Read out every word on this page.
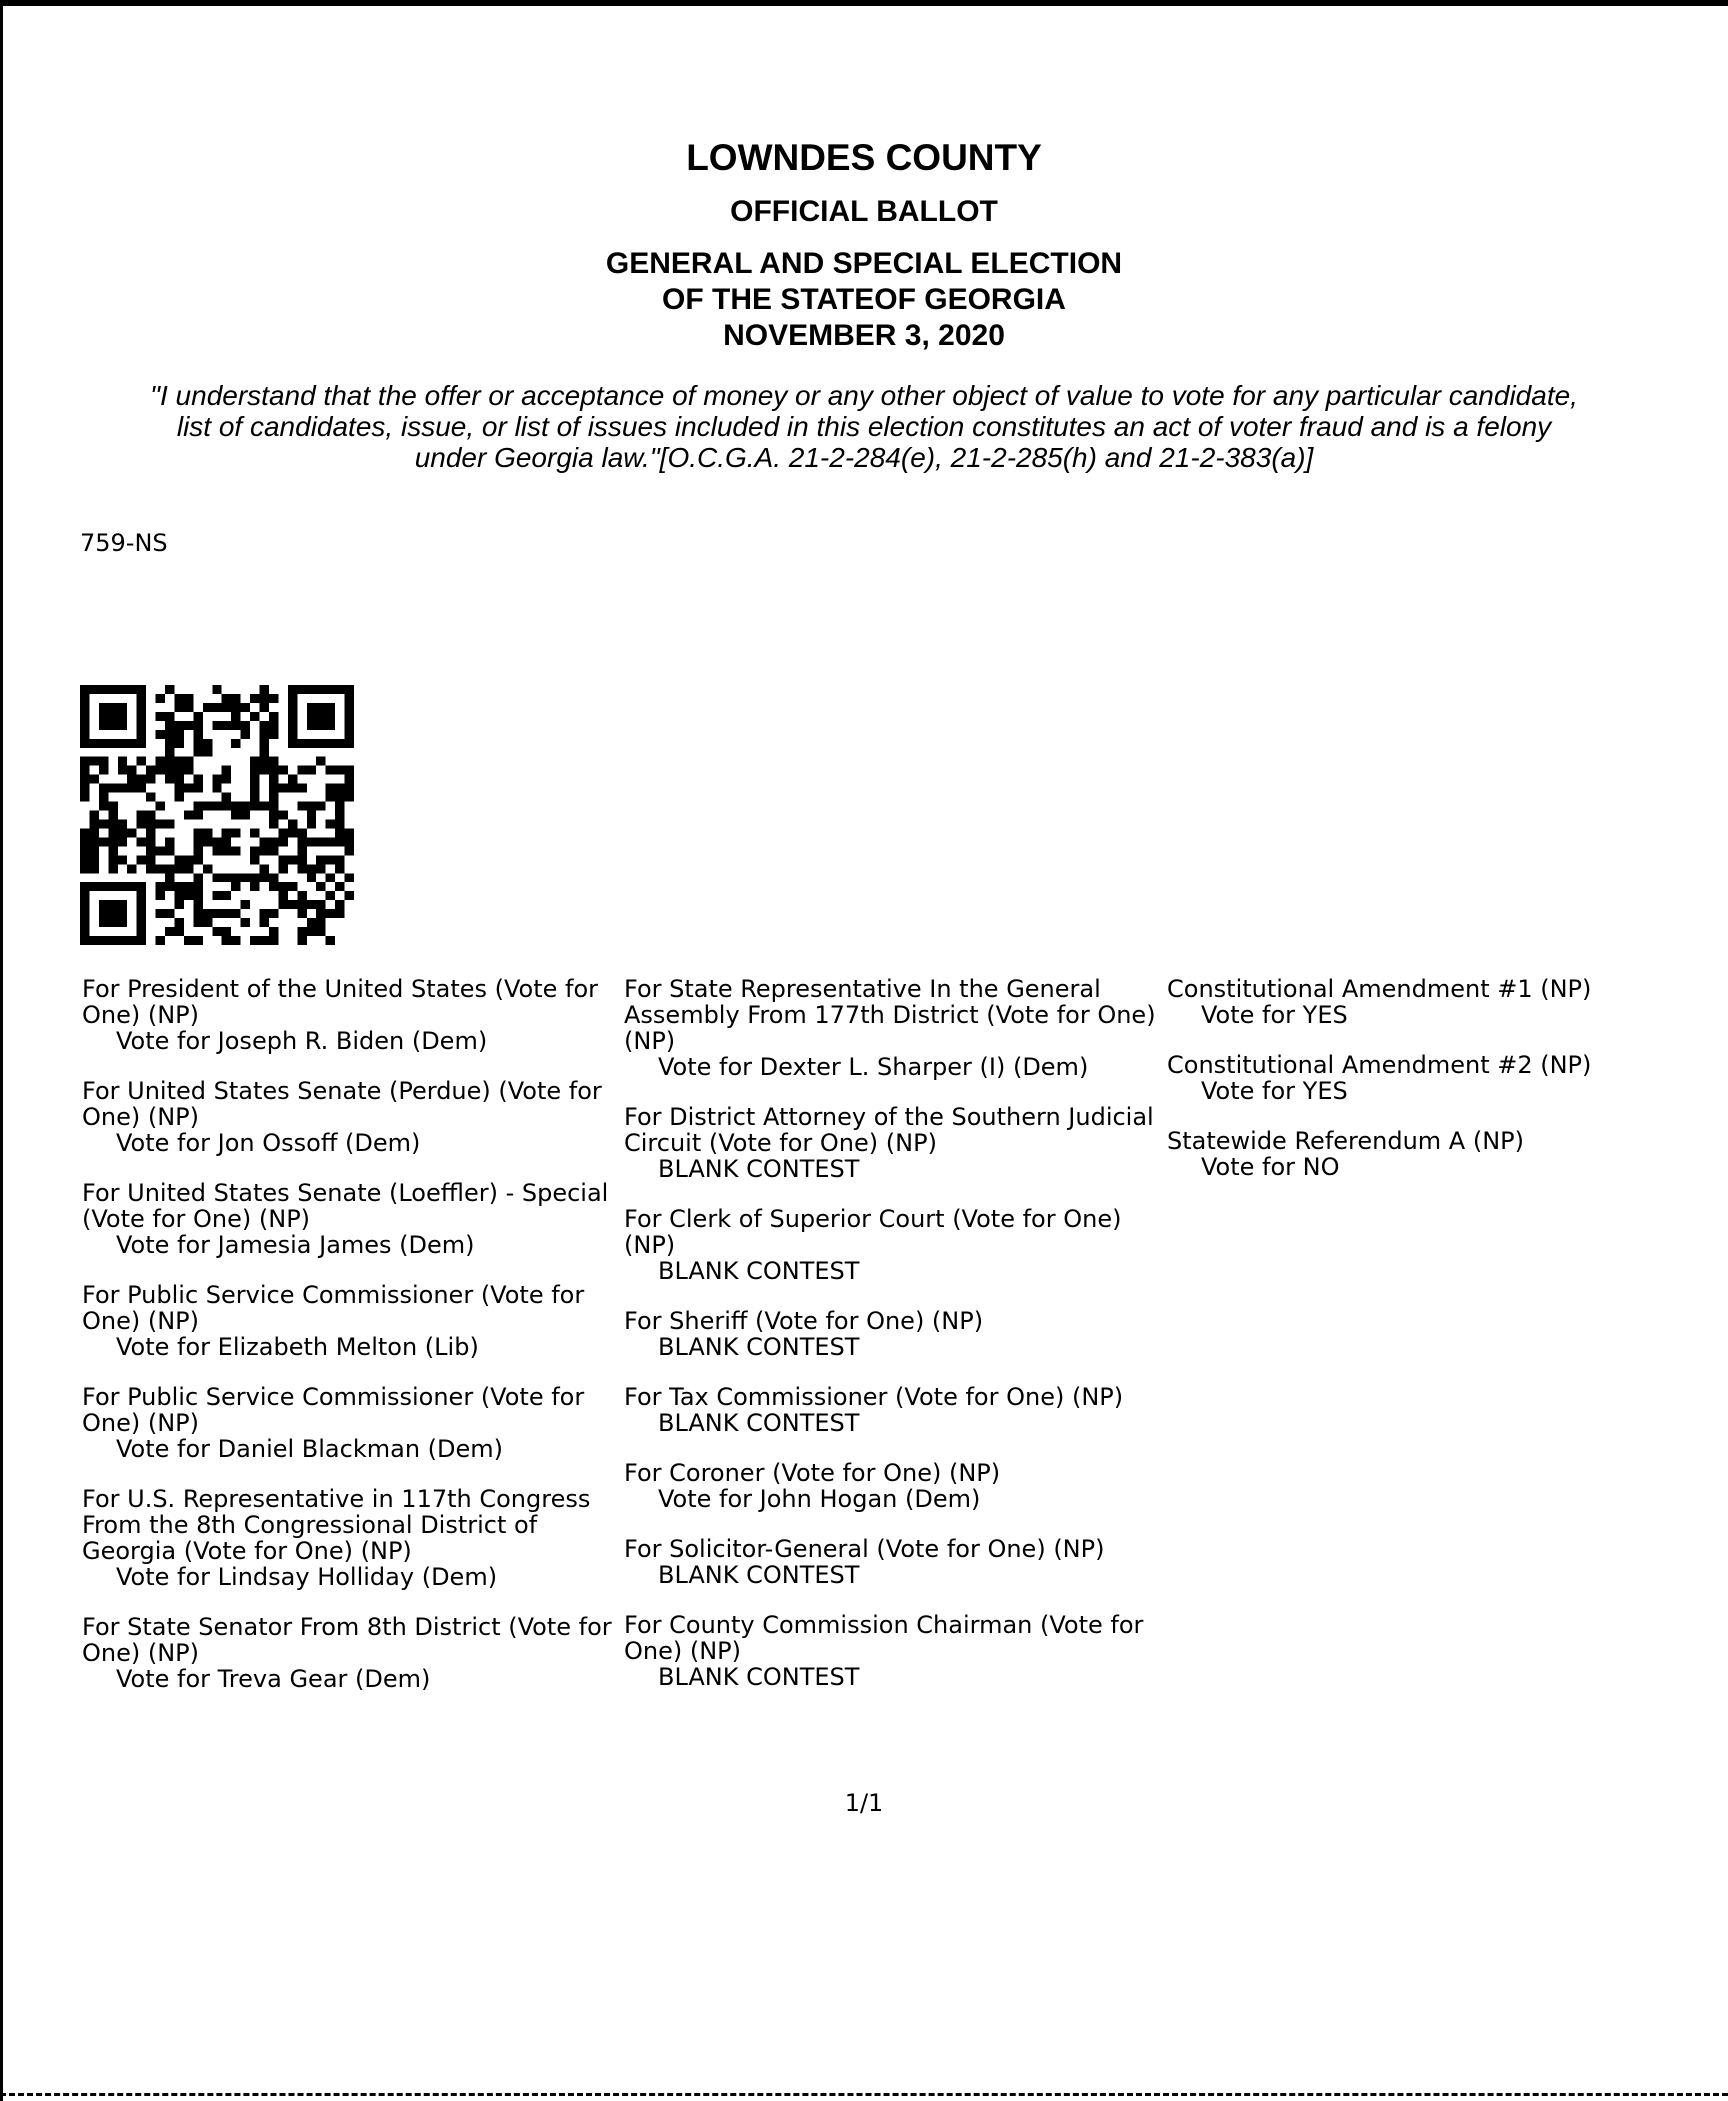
LOWNDES COUNTY
OFFICIAL BALLOT
GENERAL AND SPECIAL ELECTION
OF THE STATEOF GEORGIA
NOVEMBER 3, 2020
"I understand that the offer or acceptance of money or any other object of value to vote for any particular candidate,
list of candidates, issue, or list of issues included in this election constitutes an act of voter fraud and is a felony
under Georgia law."[O.C.G.A. 21-2-284(e), 21-2-285(h) and 21-2-383(a)]
759-NS
For President of the United States (Vote for One) (NP)
Vote for Joseph R. Biden (Dem)
For United States Senate (Perdue) (Vote for One) (NP)
Vote for Jon Ossoff (Dem)
For United States Senate (Loeffler) - Special (Vote for One) (NP)
Vote for Jamesia James (Dem)
For Public Service Commissioner (Vote for One) (NP)
Vote for Elizabeth Melton (Lib)
For Public Service Commissioner (Vote for One) (NP)
Vote for Daniel Blackman (Dem)
For U.S. Representative in 117th Congress From the 8th Congressional District of Georgia (Vote for One) (NP)
Vote for Lindsay Holliday (Dem)
For State Senator From 8th District (Vote for One) (NP)
Vote for Treva Gear (Dem)
For State Representative In the General Assembly From 177th District (Vote for One) (NP)
Vote for Dexter L. Sharper (I) (Dem)
For District Attorney of the Southern Judicial Circuit (Vote for One) (NP)
BLANK CONTEST
For Clerk of Superior Court (Vote for One) (NP)
BLANK CONTEST
For Sheriff (Vote for One) (NP)
BLANK CONTEST
For Tax Commissioner (Vote for One) (NP)
BLANK CONTEST
For Coroner (Vote for One) (NP)
Vote for John Hogan (Dem)
For Solicitor-General (Vote for One) (NP)
BLANK CONTEST
For County Commission Chairman (Vote for One) (NP)
BLANK CONTEST
Constitutional Amendment #1 (NP)
Vote for YES
Constitutional Amendment #2 (NP)
Vote for YES
Statewide Referendum A (NP)
Vote for NO
1/1
